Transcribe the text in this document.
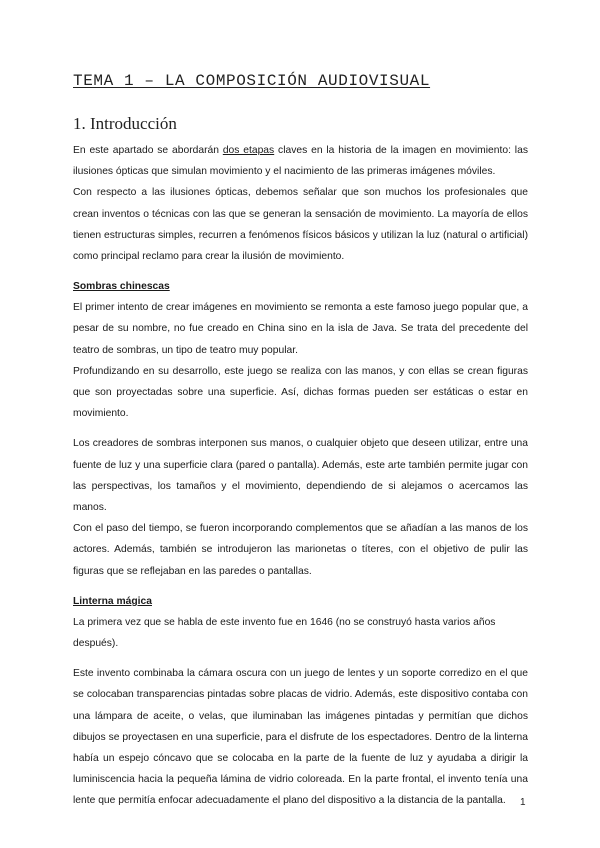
TEMA 1 – LA COMPOSICIÓN AUDIOVISUAL
1. Introducción

En este apartado se abordarán dos etapas claves en la historia de la imagen en movimiento: las ilusiones ópticas que simulan movimiento y el nacimiento de las primeras imágenes móviles.

Con respecto a las ilusiones ópticas, debemos señalar que son muchos los profesionales que crean inventos o técnicas con las que se generan la sensación de movimiento. La mayoría de ellos tienen estructuras simples, recurren a fenómenos físicos básicos y utilizan la luz (natural o artificial) como principal reclamo para crear la ilusión de movimiento.

Sombras chinescas

El primer intento de crear imágenes en movimiento se remonta a este famoso juego popular que, a pesar de su nombre, no fue creado en China sino en la isla de Java. Se trata del precedente del teatro de sombras, un tipo de teatro muy popular.

Profundizando en su desarrollo, este juego se realiza con las manos, y con ellas se crean figuras que son proyectadas sobre una superficie. Así, dichas formas pueden ser estáticas o estar en movimiento.

Los creadores de sombras interponen sus manos, o cualquier objeto que deseen utilizar, entre una fuente de luz y una superficie clara (pared o pantalla). Además, este arte también permite jugar con las perspectivas, los tamaños y el movimiento, dependiendo de si alejamos o acercamos las manos.

Con el paso del tiempo, se fueron incorporando complementos que se añadían a las manos de los actores. Además, también se introdujeron las marionetas o títeres, con el objetivo de pulir las figuras que se reflejaban en las paredes o pantallas.

Linterna mágica

La primera vez que se habla de este invento fue en 1646 (no se construyó hasta varios años después).

Este invento combinaba la cámara oscura con un juego de lentes y un soporte corredizo en el que se colocaban transparencias pintadas sobre placas de vidrio. Además, este dispositivo contaba con una lámpara de aceite, o velas, que iluminaban las imágenes pintadas y permitían que dichos dibujos se proyectasen en una superficie, para el disfrute de los espectadores. Dentro de la linterna había un espejo cóncavo que se colocaba en la parte de la fuente de luz y ayudaba a dirigir la luminiscencia hacia la pequeña lámina de vidrio coloreada. En la parte frontal, el invento tenía una lente que permitía enfocar adecuadamente el plano del dispositivo a la distancia de la pantalla.	1
